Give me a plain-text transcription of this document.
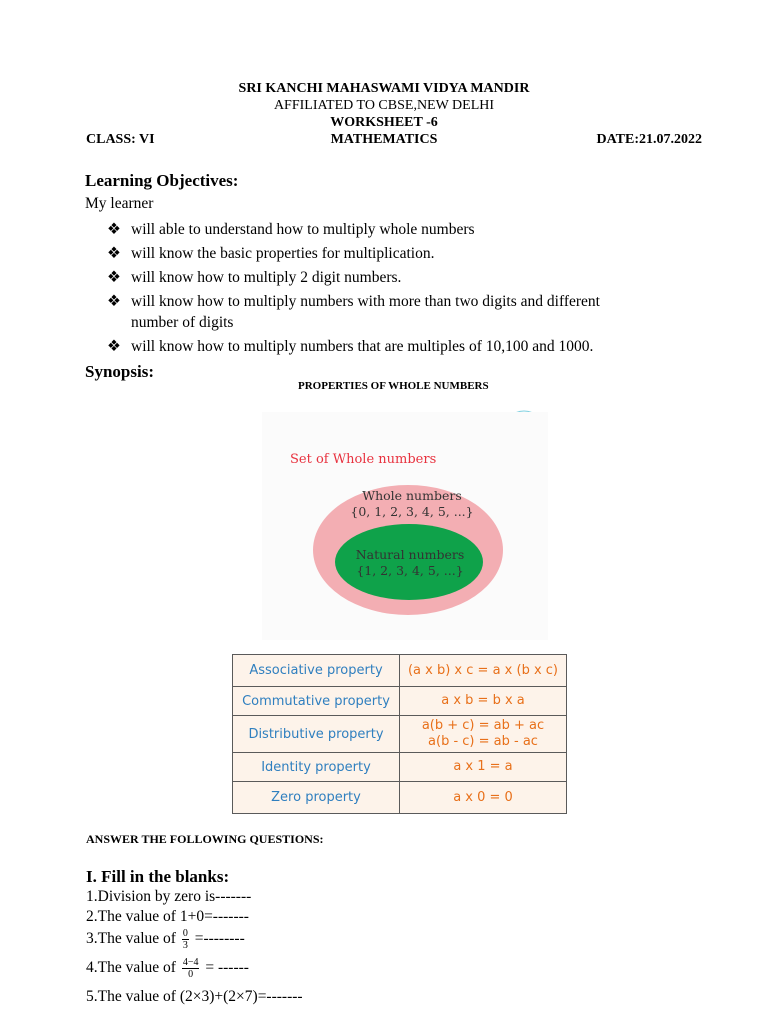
SRI KANCHI MAHASWAMI VIDYA MANDIR
AFFILIATED TO CBSE,NEW DELHI
WORKSHEET -6
CLASS: VI	MATHEMATICS	DATE:21.07.2022
Learning Objectives:
My learner
❖ will able to understand how to multiply whole numbers
❖ will know the basic properties for multiplication.
❖ will know how to multiply 2 digit numbers.
❖ will know how to multiply numbers with more than two digits and different
number of digits
❖ will know how to multiply numbers that are multiples of 10,100 and 1000.
Synopsis:
PROPERTIES OF WHOLE NUMBERS
Set of Whole numbers
Whole numbers
{0, 1, 2, 3, 4, 5, ...}
Natural numbers
{1, 2, 3, 4, 5, ...}
Associative property	(a x b) x c = a x (b x c)
Commutative property	a x b = b x a
Distributive property	a(b + c) = ab + ac
a(b - c) = ab - ac

Identity property	a x 1 = a
Zero property	a x 0 = 0
ANSWER THE FOLLOWING QUESTIONS:
I. Fill in the blanks:
1.Division by zero is-------
2.The value of 1+0=-------
3.The value of $\frac{0}{3}$ =--------
4.The value of $\frac{4-4}{0}$ = ------
5.The value of (2×3)+(2×7)=-------
